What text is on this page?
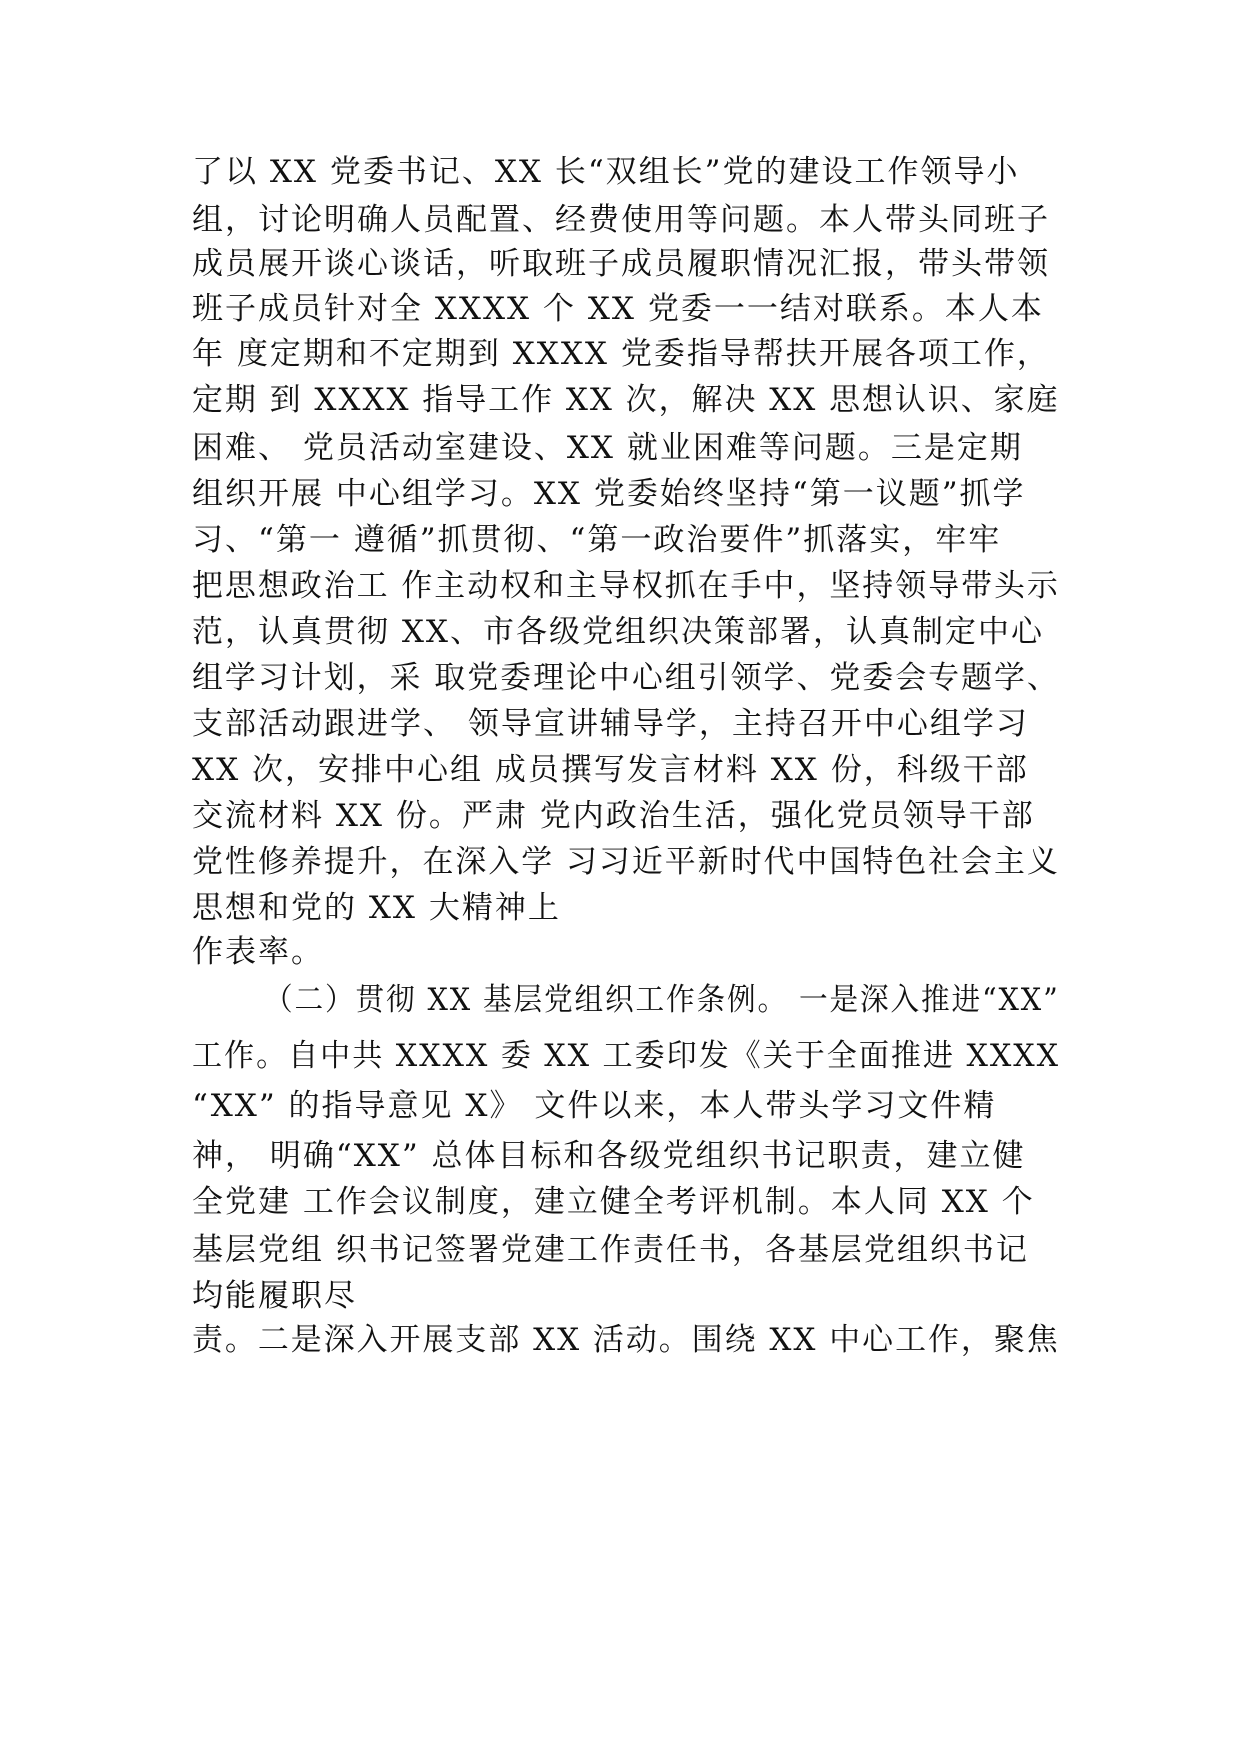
了以 XX 党委书记、XX 长“双组长”党的建设工作领导小
组，讨论明确人员配置、经费使用等问题。本人带头同班子
成员展开谈心谈话，听取班子成员履职情况汇报，带头带领
班子成员针对全 XXXX 个 XX 党委一一结对联系。本人本
年 度定期和不定期到 XXXX 党委指导帮扶开展各项工作，
定期 到 XXXX 指导工作 XX 次，解决 XX 思想认识、家庭
困难、 党员活动室建设、XX 就业困难等问题。三是定期
组织开展 中心组学习。XX 党委始终坚持“第一议题”抓学
习、“第一 遵循”抓贯彻、“第一政治要件”抓落实，牢牢
把思想政治工 作主动权和主导权抓在手中，坚持领导带头示
范，认真贯彻 XX、市各级党组织决策部署，认真制定中心
组学习计划，采 取党委理论中心组引领学、党委会专题学、
支部活动跟进学、 领导宣讲辅导学，主持召开中心组学习
XX 次，安排中心组 成员撰写发言材料 XX 份，科级干部
交流材料 XX 份。严肃 党内政治生活，强化党员领导干部
党性修养提升，在深入学 习习近平新时代中国特色社会主义
思想和党的 XX 大精神上
作表率。
（二）贯彻 XX 基层党组织工作条例。 一是深入推进“XX”
工作。自中共 XXXX 委 XX 工委印发《关于全面推进 XXXX
“XX” 的指导意见 X》 文件以来，本人带头学习文件精
神， 明确“XX” 总体目标和各级党组织书记职责，建立健
全党建 工作会议制度，建立健全考评机制。本人同 XX 个
基层党组 织书记签署党建工作责任书，各基层党组织书记
均能履职尽
责。二是深入开展支部 XX 活动。围绕 XX 中心工作，聚焦
